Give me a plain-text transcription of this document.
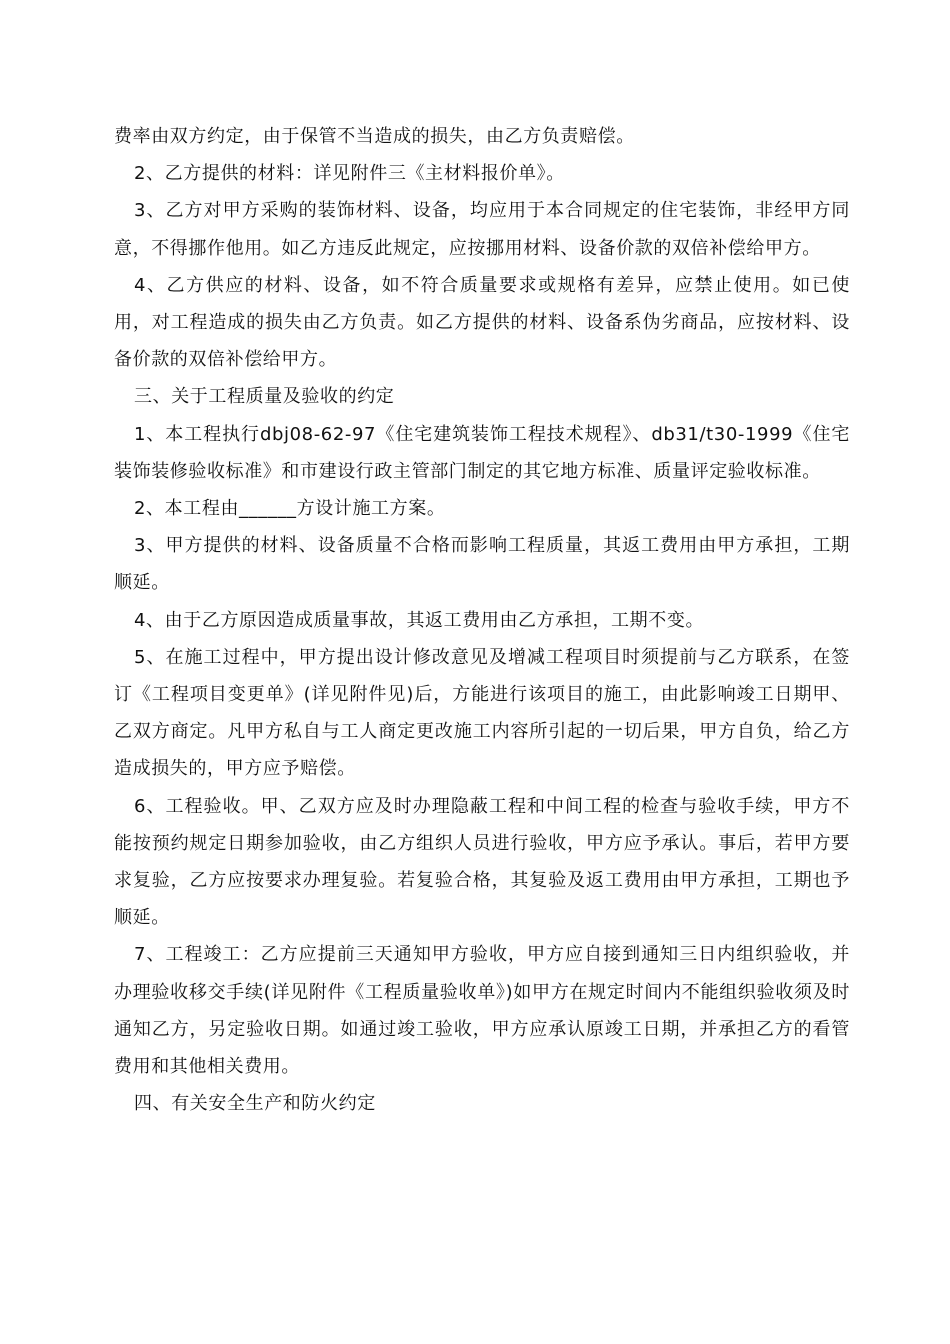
费率由双方约定，由于保管不当造成的损失，由乙方负责赔偿。

2、乙方提供的材料：详见附件三《主材料报价单》。

3、乙方对甲方采购的装饰材料、设备，均应用于本合同规定的住宅装饰，非经甲方同意，不得挪作他用。如乙方违反此规定，应按挪用材料、设备价款的双倍补偿给甲方。

4、乙方供应的材料、设备，如不符合质量要求或规格有差异，应禁止使用。如已使用，对工程造成的损失由乙方负责。如乙方提供的材料、设备系伪劣商品，应按材料、设备价款的双倍补偿给甲方。

三、关于工程质量及验收的约定

1、本工程执行dbj08-62-97《住宅建筑装饰工程技术规程》、db31/t30-1999《住宅装饰装修验收标准》和市建设行政主管部门制定的其它地方标准、质量评定验收标准。

2、本工程由______方设计施工方案。

3、甲方提供的材料、设备质量不合格而影响工程质量，其返工费用由甲方承担，工期顺延。

4、由于乙方原因造成质量事故，其返工费用由乙方承担，工期不变。

5、在施工过程中，甲方提出设计修改意见及增减工程项目时须提前与乙方联系，在签订《工程项目变更单》(详见附件见)后，方能进行该项目的施工，由此影响竣工日期甲、乙双方商定。凡甲方私自与工人商定更改施工内容所引起的一切后果，甲方自负，给乙方造成损失的，甲方应予赔偿。

6、工程验收。甲、乙双方应及时办理隐蔽工程和中间工程的检查与验收手续，甲方不能按预约规定日期参加验收，由乙方组织人员进行验收，甲方应予承认。事后，若甲方要求复验，乙方应按要求办理复验。若复验合格，其复验及返工费用由甲方承担，工期也予顺延。

7、工程竣工：乙方应提前三天通知甲方验收，甲方应自接到通知三日内组织验收，并办理验收移交手续(详见附件《工程质量验收单》)如甲方在规定时间内不能组织验收须及时通知乙方，另定验收日期。如通过竣工验收，甲方应承认原竣工日期，并承担乙方的看管费用和其他相关费用。

四、有关安全生产和防火约定
